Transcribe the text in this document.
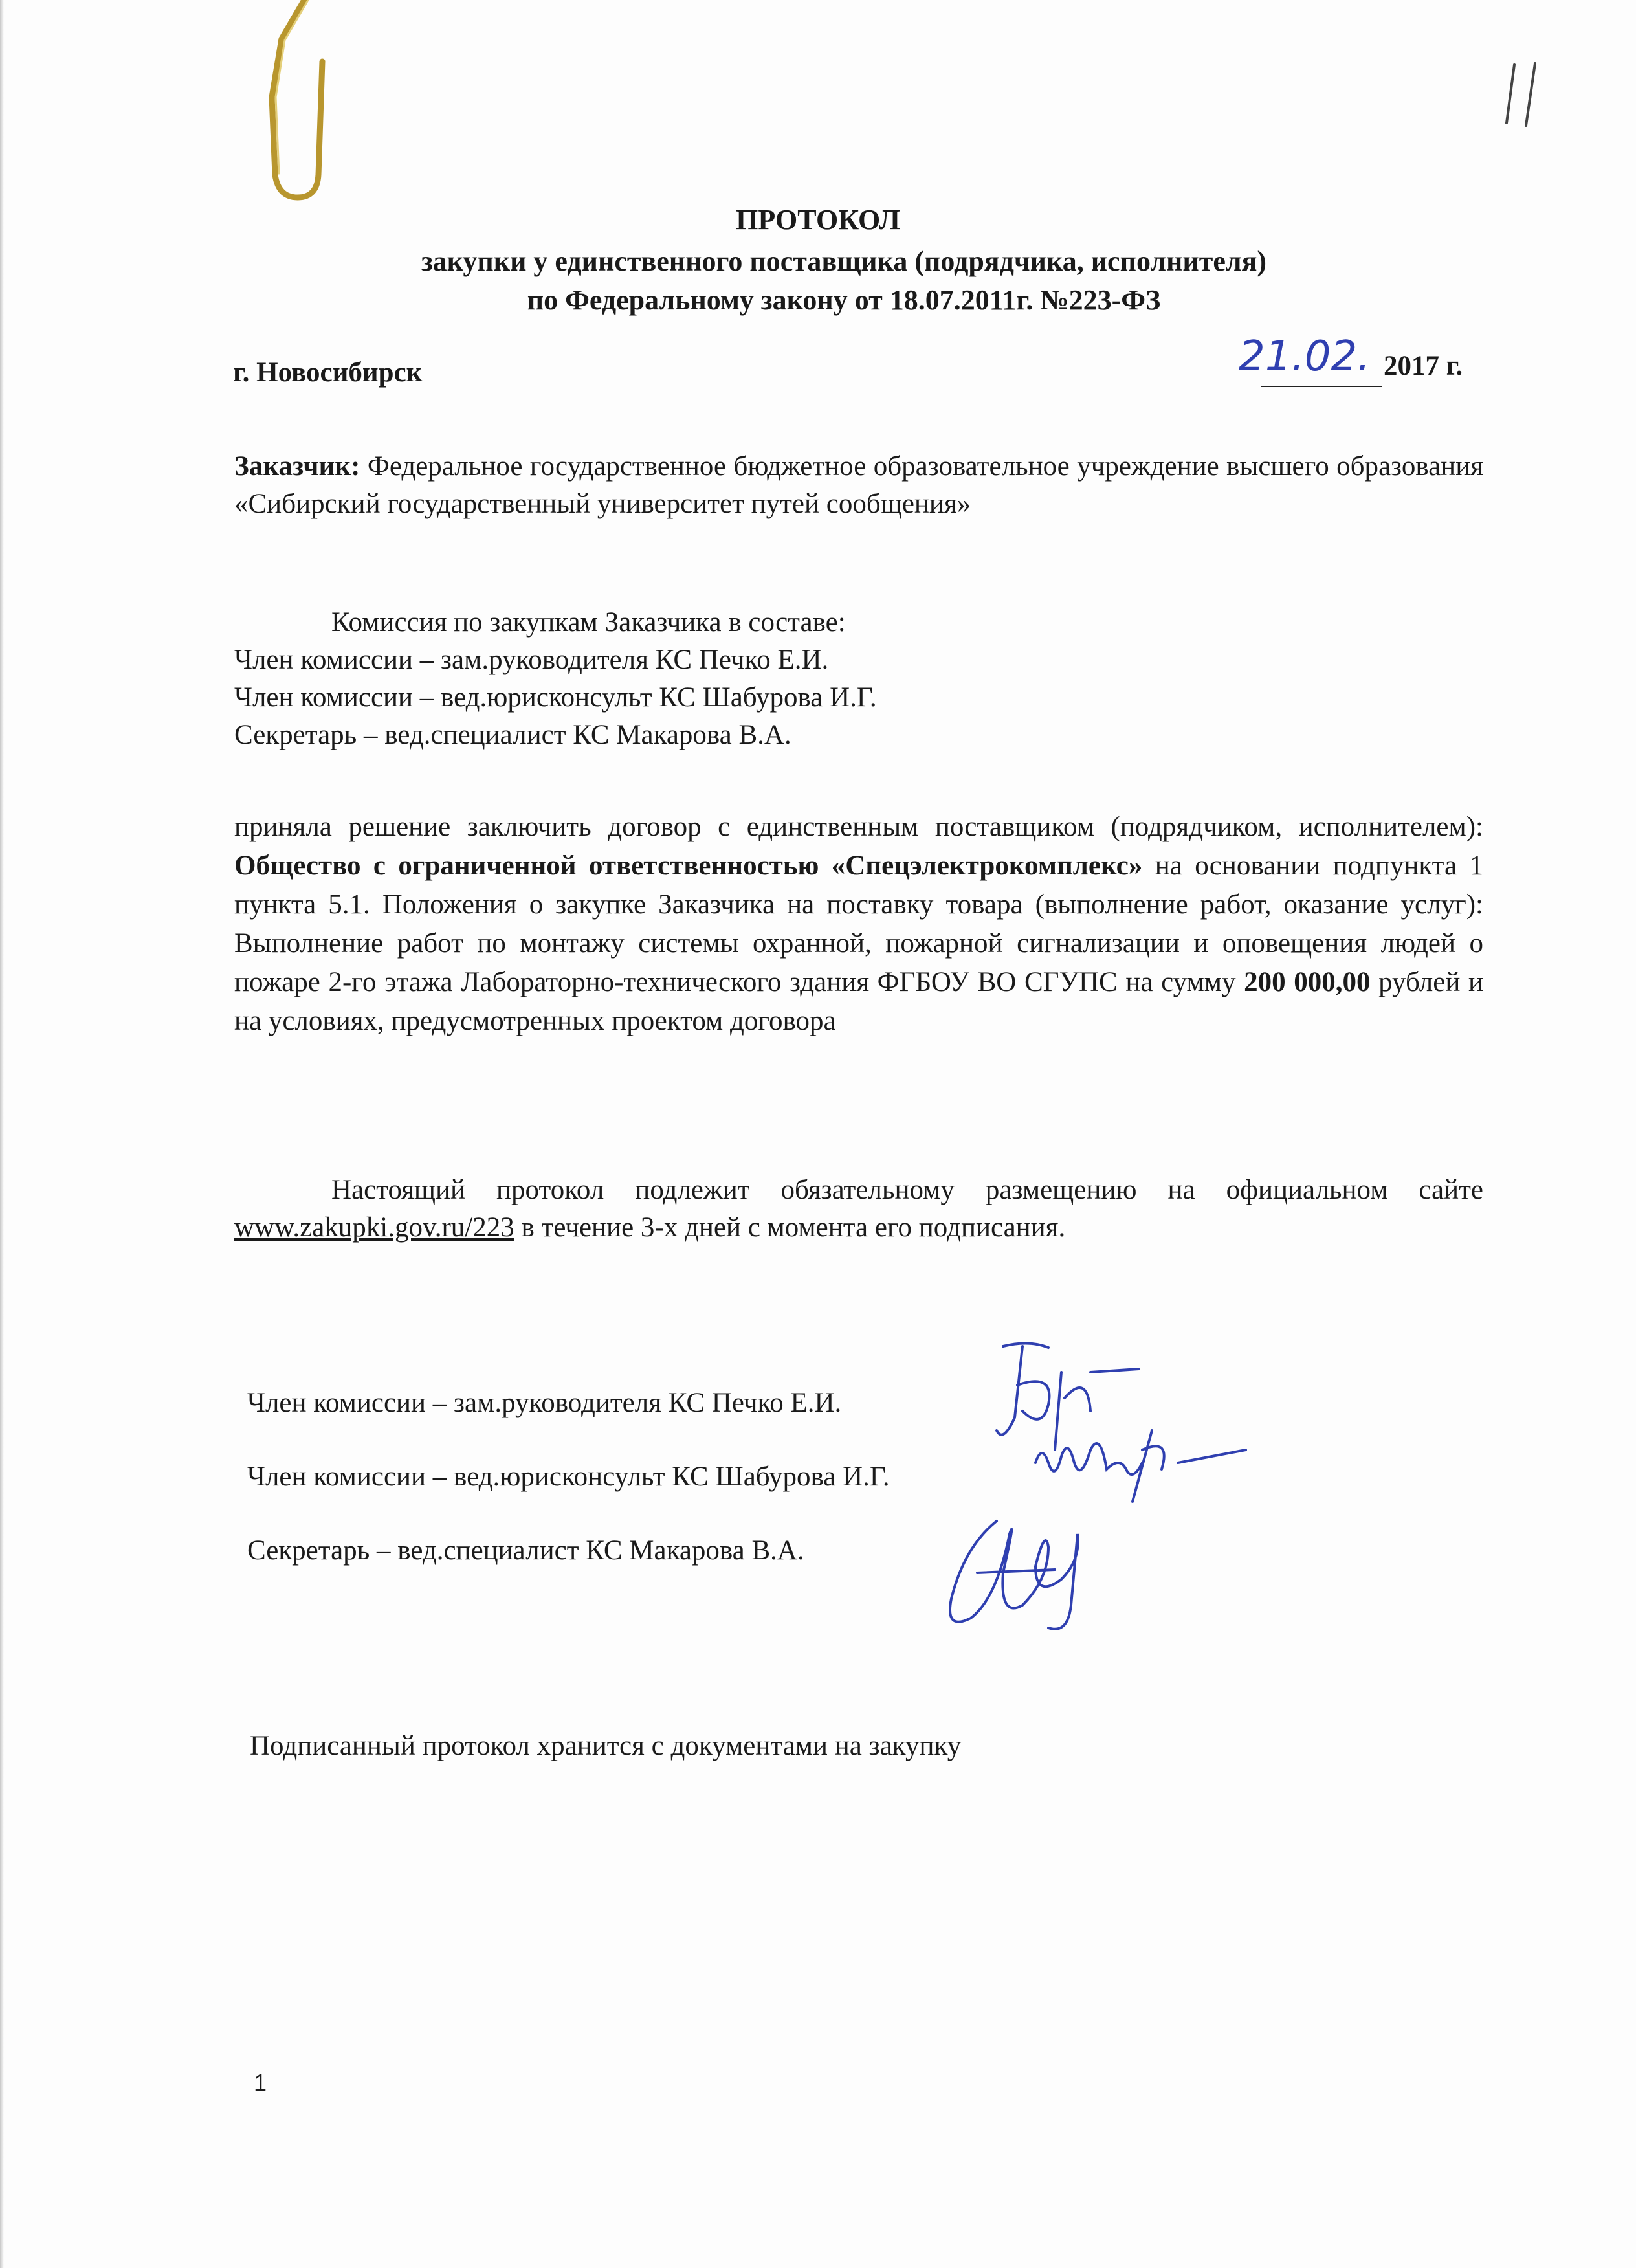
ПРОТОКОЛ
закупки у единственного поставщика (подрядчика, исполнителя)
по Федеральному закону от 18.07.2011г. №223-ФЗ
г. Новосибирск	21.02. 2017 г.
Заказчик: Федеральное государственное бюджетное образовательное учреждение высшего образования «Сибирский государственный университет путей сообщения»
Комиссия по закупкам Заказчика в составе:
Член комиссии – зам.руководителя КС Печко Е.И.
Член комиссии – вед.юрисконсульт КС Шабурова И.Г.
Секретарь – вед.специалист КС Макарова В.А.
приняла решение заключить договор с единственным поставщиком (подрядчиком, исполнителем): Общество с ограниченной ответственностью «Спецэлектрокомплекс» на основании подпункта 1 пункта 5.1. Положения о закупке Заказчика на поставку товара (выполнение работ, оказание услуг): Выполнение работ по монтажу системы охранной, пожарной сигнализации и оповещения людей о пожаре 2-го этажа Лабораторно-технического здания ФГБОУ ВО СГУПС на сумму 200 000,00 рублей и на условиях, предусмотренных проектом договора
Настоящий протокол подлежит обязательному размещению на официальном сайте www.zakupki.gov.ru/223 в течение 3-х дней с момента его подписания.
Член комиссии – зам.руководителя КС Печко Е.И.
Член комиссии – вед.юрисконсульт КС Шабурова И.Г.
Секретарь – вед.специалист КС Макарова В.А.
Подписанный протокол хранится с документами на закупку
1
